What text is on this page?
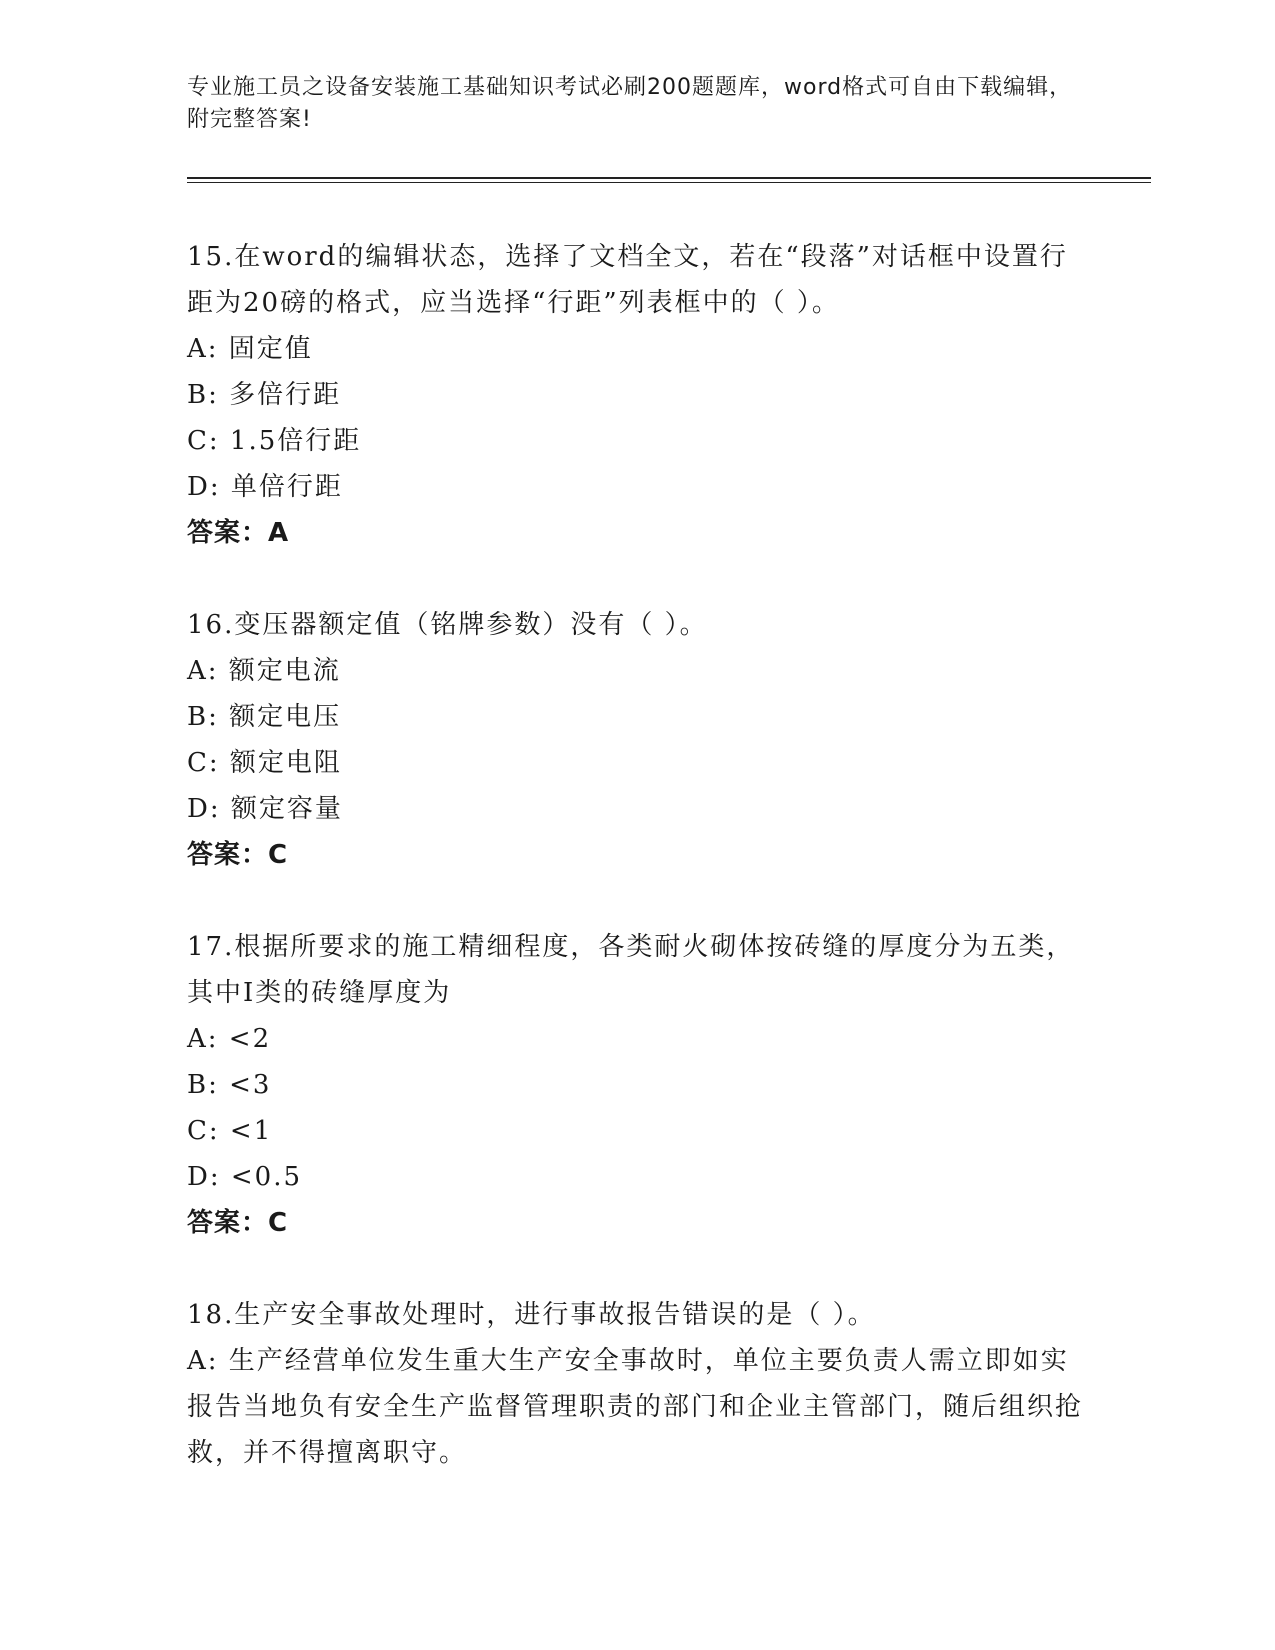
专业施工员之设备安装施工基础知识考试必刷200题题库，word格式可自由下载编辑，附完整答案!

15.在word的编辑状态，选择了文档全文，若在“段落”对话框中设置行距为20磅的格式，应当选择“行距”列表框中的（ ）。

A: 固定值

B: 多倍行距

C: 1.5倍行距

D: 单倍行距

答案：A

16.变压器额定值（铭牌参数）没有（ ）。

A: 额定电流

B: 额定电压

C: 额定电阻

D: 额定容量

答案：C

17.根据所要求的施工精细程度，各类耐火砌体按砖缝的厚度分为五类，其中I类的砖缝厚度为

A: <2

B: <3

C: <1

D: <0.5

答案：C

18.生产安全事故处理时，进行事故报告错误的是（ ）。

A: 生产经营单位发生重大生产安全事故时，单位主要负责人需立即如实报告当地负有安全生产监督管理职责的部门和企业主管部门，随后组织抢救，并不得擅离职守。
